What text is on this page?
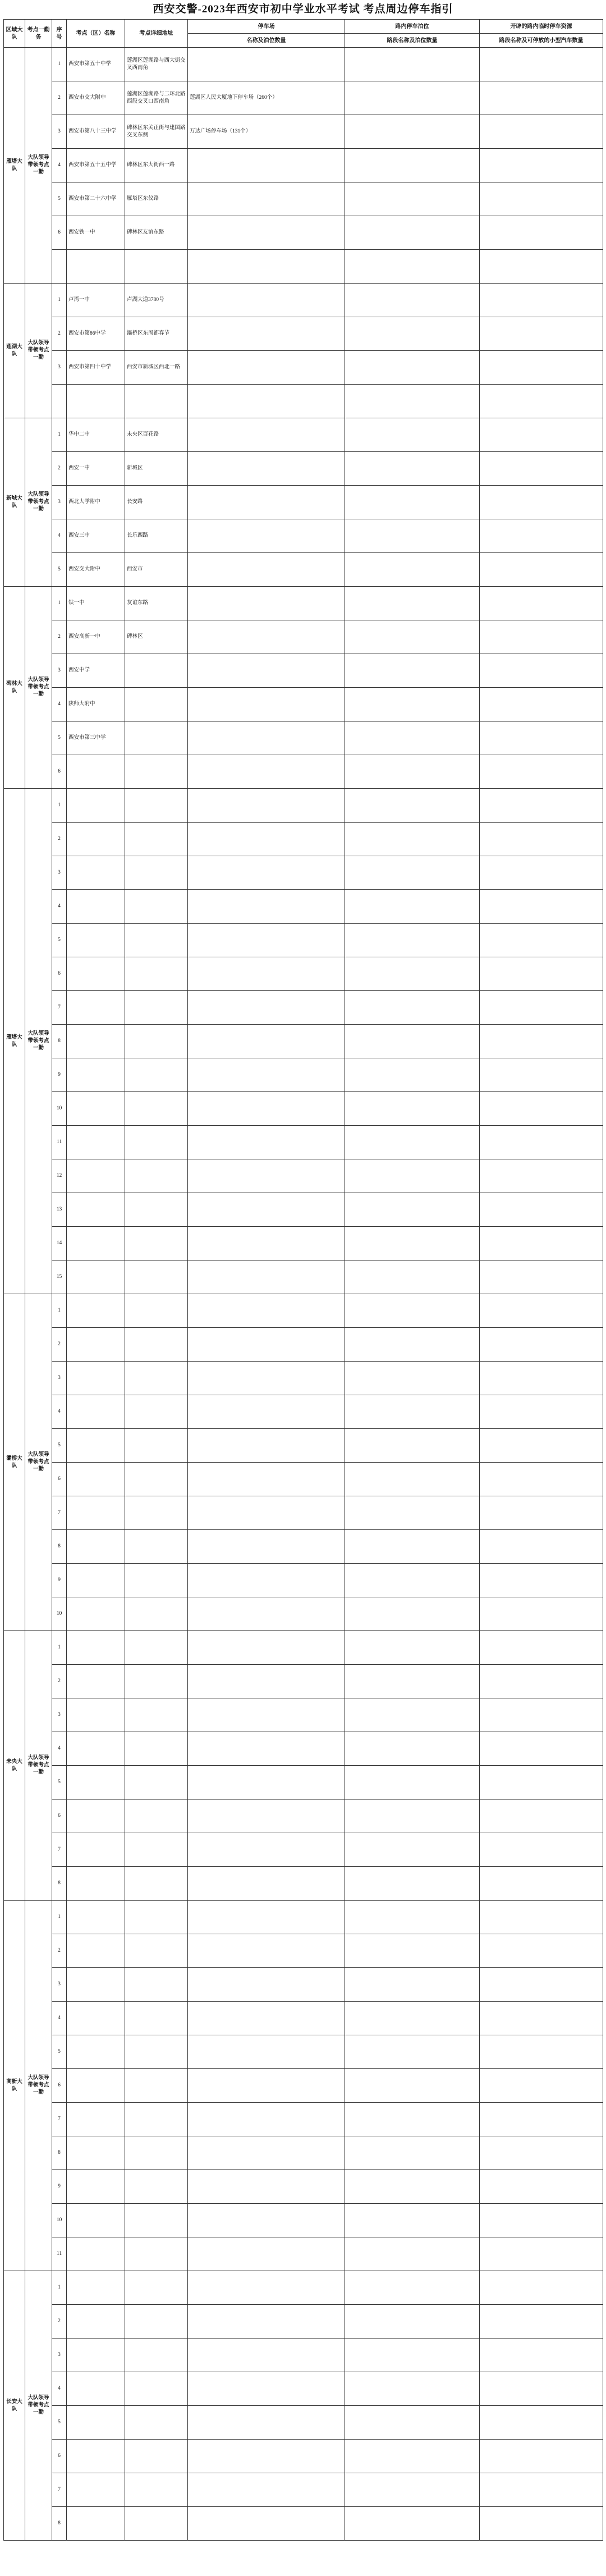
西安交警-2023年西安市初中学业水平考试 考点周边停车指引
区域大队	考点一勤务	序号	考点（区）名称	考点详细地址	停车场	路内停车泊位	开辟的路内临时停车资源
					名称及泊位数量	路段名称及泊位数量	路段名称及可停放的小型汽车数量
雁塔大队	大队领导带领考点一勤	1	西安市第五十中学	莲湖区莲湖路与西大街交叉西南角			
		2	西安市交大附中	莲湖区莲湖路与二环北路西段交叉口西南角	莲湖区人民大厦地下停车场（260个）		
		3	西安市第八十三中学	碑林区东关正街与建国路交叉东侧	万达广场停车场（131个）		
		4	西安市第五十五中学	碑林区东大街西一路			
		5	西安市第二十六中学	雁塔区东仪路			
		6	西安铁一中	碑林区友谊东路			

莲湖大队	大队领导带领考点一勤	1	卢湾一中	卢湖大道3780号			
		2	西安市第86中学	灞桥区东周都春节			
		3	西安市第四十中学	西安市新城区西北一路			

新城大队	大队领导带领考点一勤	1	华中二中	未央区百花路			
		2	西安一中	新城区			
		3	西北大学附中	长安路			
		4	西安三中	长乐西路			
		5	西安交大附中	西安市			
碑林大队	大队领导带领考点一勤	1	铁一中	友谊东路			
		2	西安高新一中	碑林区			
		3	西安中学				
		4	陕师大附中				
		5	西安市第三中学				
		6					
雁塔大队	大队领导带领考点一勤	1					
		2					
		3					
		4					
		5					
		6					
		7					
		8					
		9					
		10					
		11					
		12					
		13					
		14					
		15					
灞桥大队	大队领导带领考点一勤	1					
		2					
		3					
		4					
		5					
		6					
		7					
		8					
		9					
		10					
未央大队	大队领导带领考点一勤	1					
		2					
		3					
		4					
		5					
		6					
		7					
		8					
高新大队	大队领导带领考点一勤	1					
		2					
		3					
		4					
		5					
		6					
		7					
		8					
		9					
		10					
		11					
长安大队	大队领导带领考点一勤	1					
		2					
		3					
		4					
		5					
		6					
		7					
		8					
